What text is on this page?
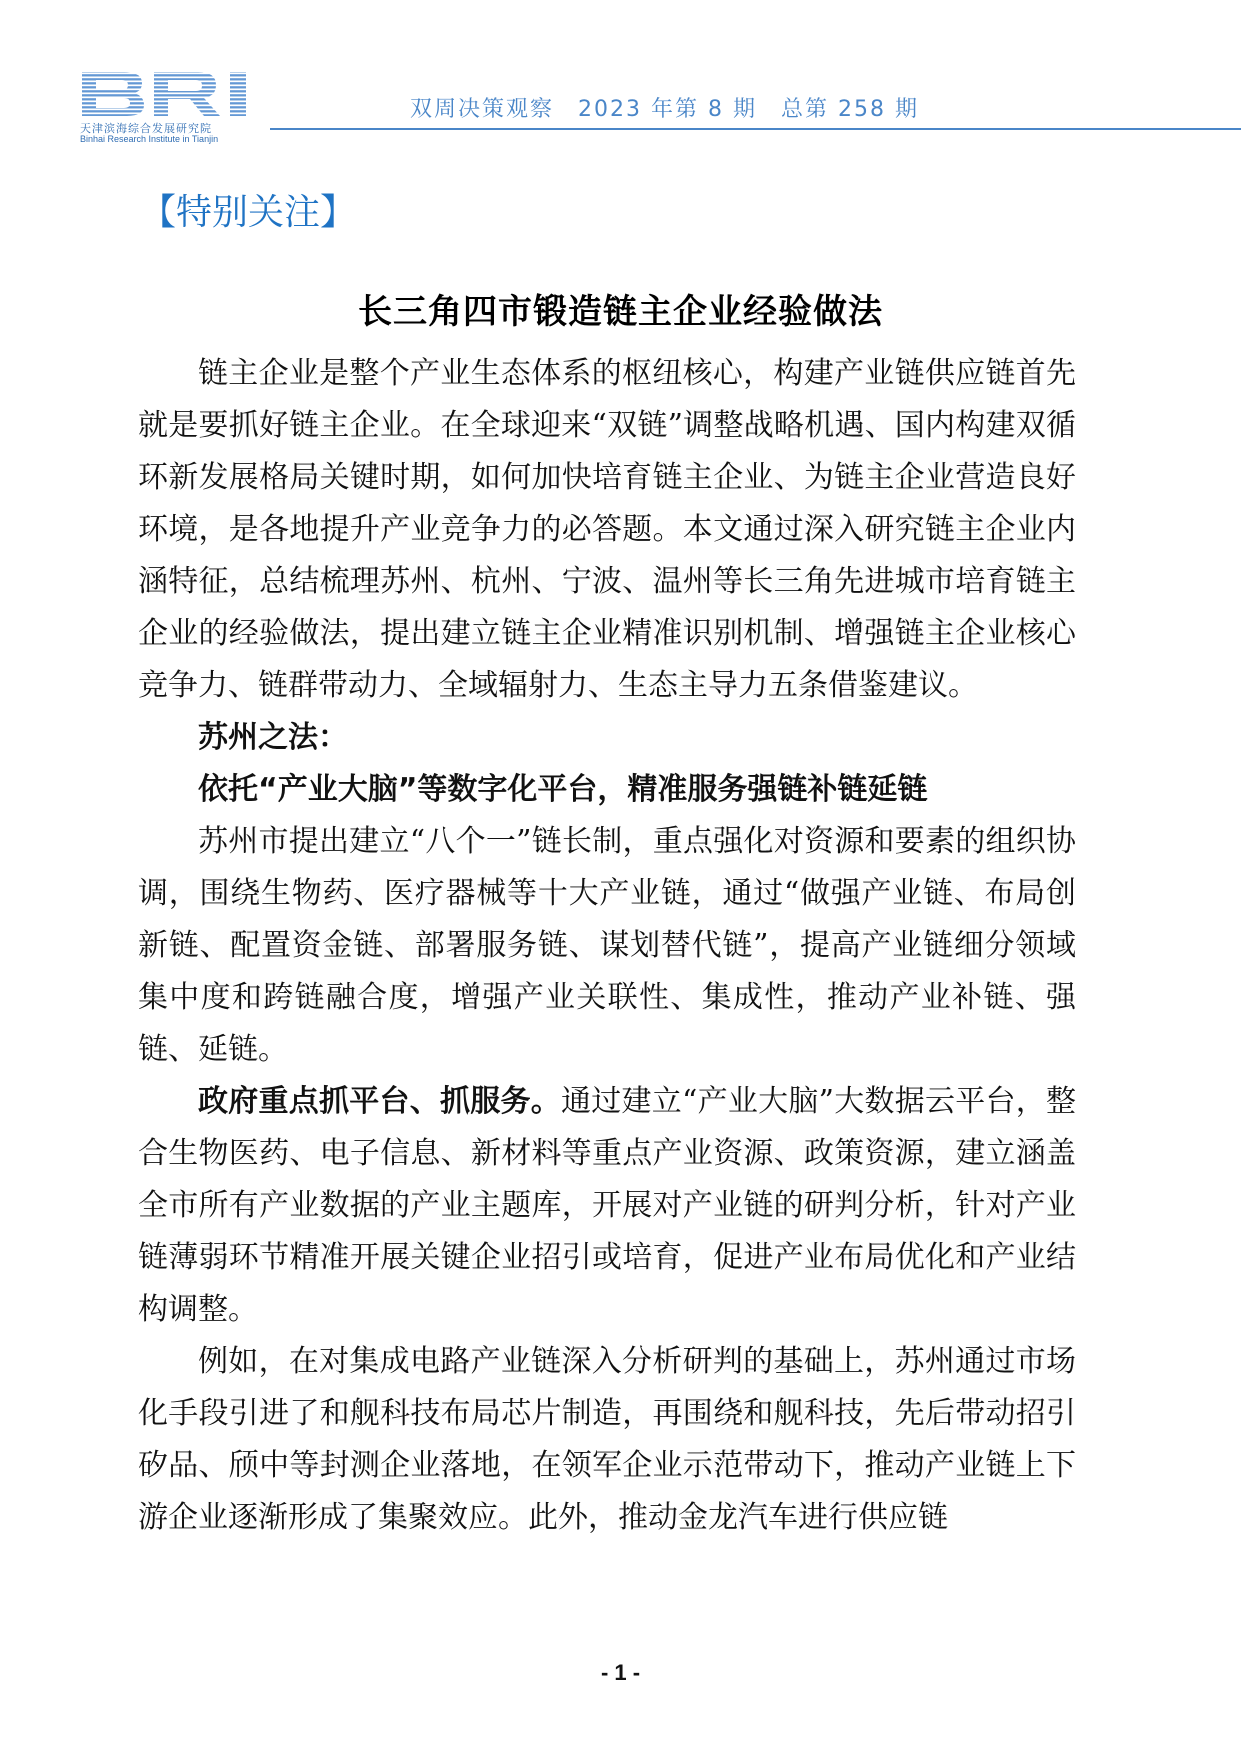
天津滨海综合发展研究院
Binhai Research Institute in Tianjin
双周决策观察　2023 年第 8 期　总第 258 期
【特别关注】
长三角四市锻造链主企业经验做法

链主企业是整个产业生态体系的枢纽核心，构建产业链供应链首先就是要抓好链主企业。在全球迎来“双链”调整战略机遇、国内构建双循环新发展格局关键时期，如何加快培育链主企业、为链主企业营造良好环境，是各地提升产业竞争力的必答题。本文通过深入研究链主企业内涵特征，总结梳理苏州、杭州、宁波、温州等长三角先进城市培育链主企业的经验做法，提出建立链主企业精准识别机制、增强链主企业核心竞争力、链群带动力、全域辐射力、生态主导力五条借鉴建议。

苏州之法：

依托“产业大脑”等数字化平台，精准服务强链补链延链

苏州市提出建立“八个一”链长制，重点强化对资源和要素的组织协调，围绕生物药、医疗器械等十大产业链，通过“做强产业链、布局创新链、配置资金链、部署服务链、谋划替代链”，提高产业链细分领域集中度和跨链融合度，增强产业关联性、集成性，推动产业补链、强链、延链。

政府重点抓平台、抓服务。通过建立“产业大脑”大数据云平台，整合生物医药、电子信息、新材料等重点产业资源、政策资源，建立涵盖全市所有产业数据的产业主题库，开展对产业链的研判分析，针对产业链薄弱环节精准开展关键企业招引或培育，促进产业布局优化和产业结构调整。

例如，在对集成电路产业链深入分析研判的基础上，苏州通过市场化手段引进了和舰科技布局芯片制造，再围绕和舰科技，先后带动招引矽品、颀中等封测企业落地，在领军企业示范带动下，推动产业链上下游企业逐渐形成了集聚效应。此外，推动金龙汽车进行供应链

- 1 -
